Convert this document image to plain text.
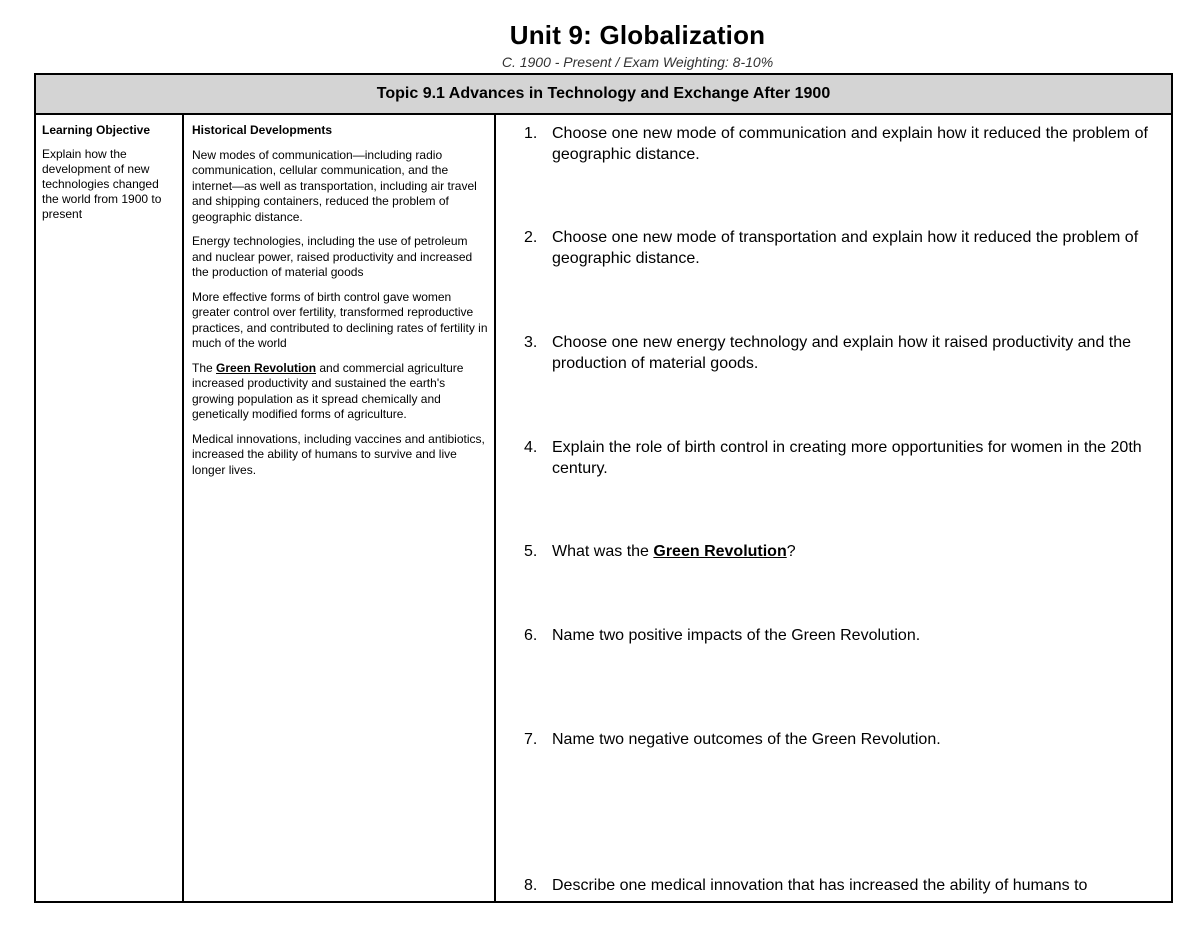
Unit 9: Globalization
C. 1900 - Present / Exam Weighting: 8-10%
Topic 9.1 Advances in Technology and Exchange After 1900
Learning Objective
Explain how the development of new technologies changed the world from 1900 to present
Historical Developments
New modes of communication—including radio communication, cellular communication, and the internet—as well as transportation, including air travel and shipping containers, reduced the problem of geographic distance.
Energy technologies, including the use of petroleum and nuclear power, raised productivity and increased the production of material goods
More effective forms of birth control gave women greater control over fertility, transformed reproductive practices, and contributed to declining rates of fertility in much of the world
The Green Revolution and commercial agriculture increased productivity and sustained the earth's growing population as it spread chemically and genetically modified forms of agriculture.
Medical innovations, including vaccines and antibiotics, increased the ability of humans to survive and live longer lives.
1. Choose one new mode of communication and explain how it reduced the problem of geographic distance.
2. Choose one new mode of transportation and explain how it reduced the problem of geographic distance.
3. Choose one new energy technology and explain how it raised productivity and the production of material goods.
4. Explain the role of birth control in creating more opportunities for women in the 20th century.
5. What was the Green Revolution?
6. Name two positive impacts of the Green Revolution.
7. Name two negative outcomes of the Green Revolution.
8. Describe one medical innovation that has increased the ability of humans to
